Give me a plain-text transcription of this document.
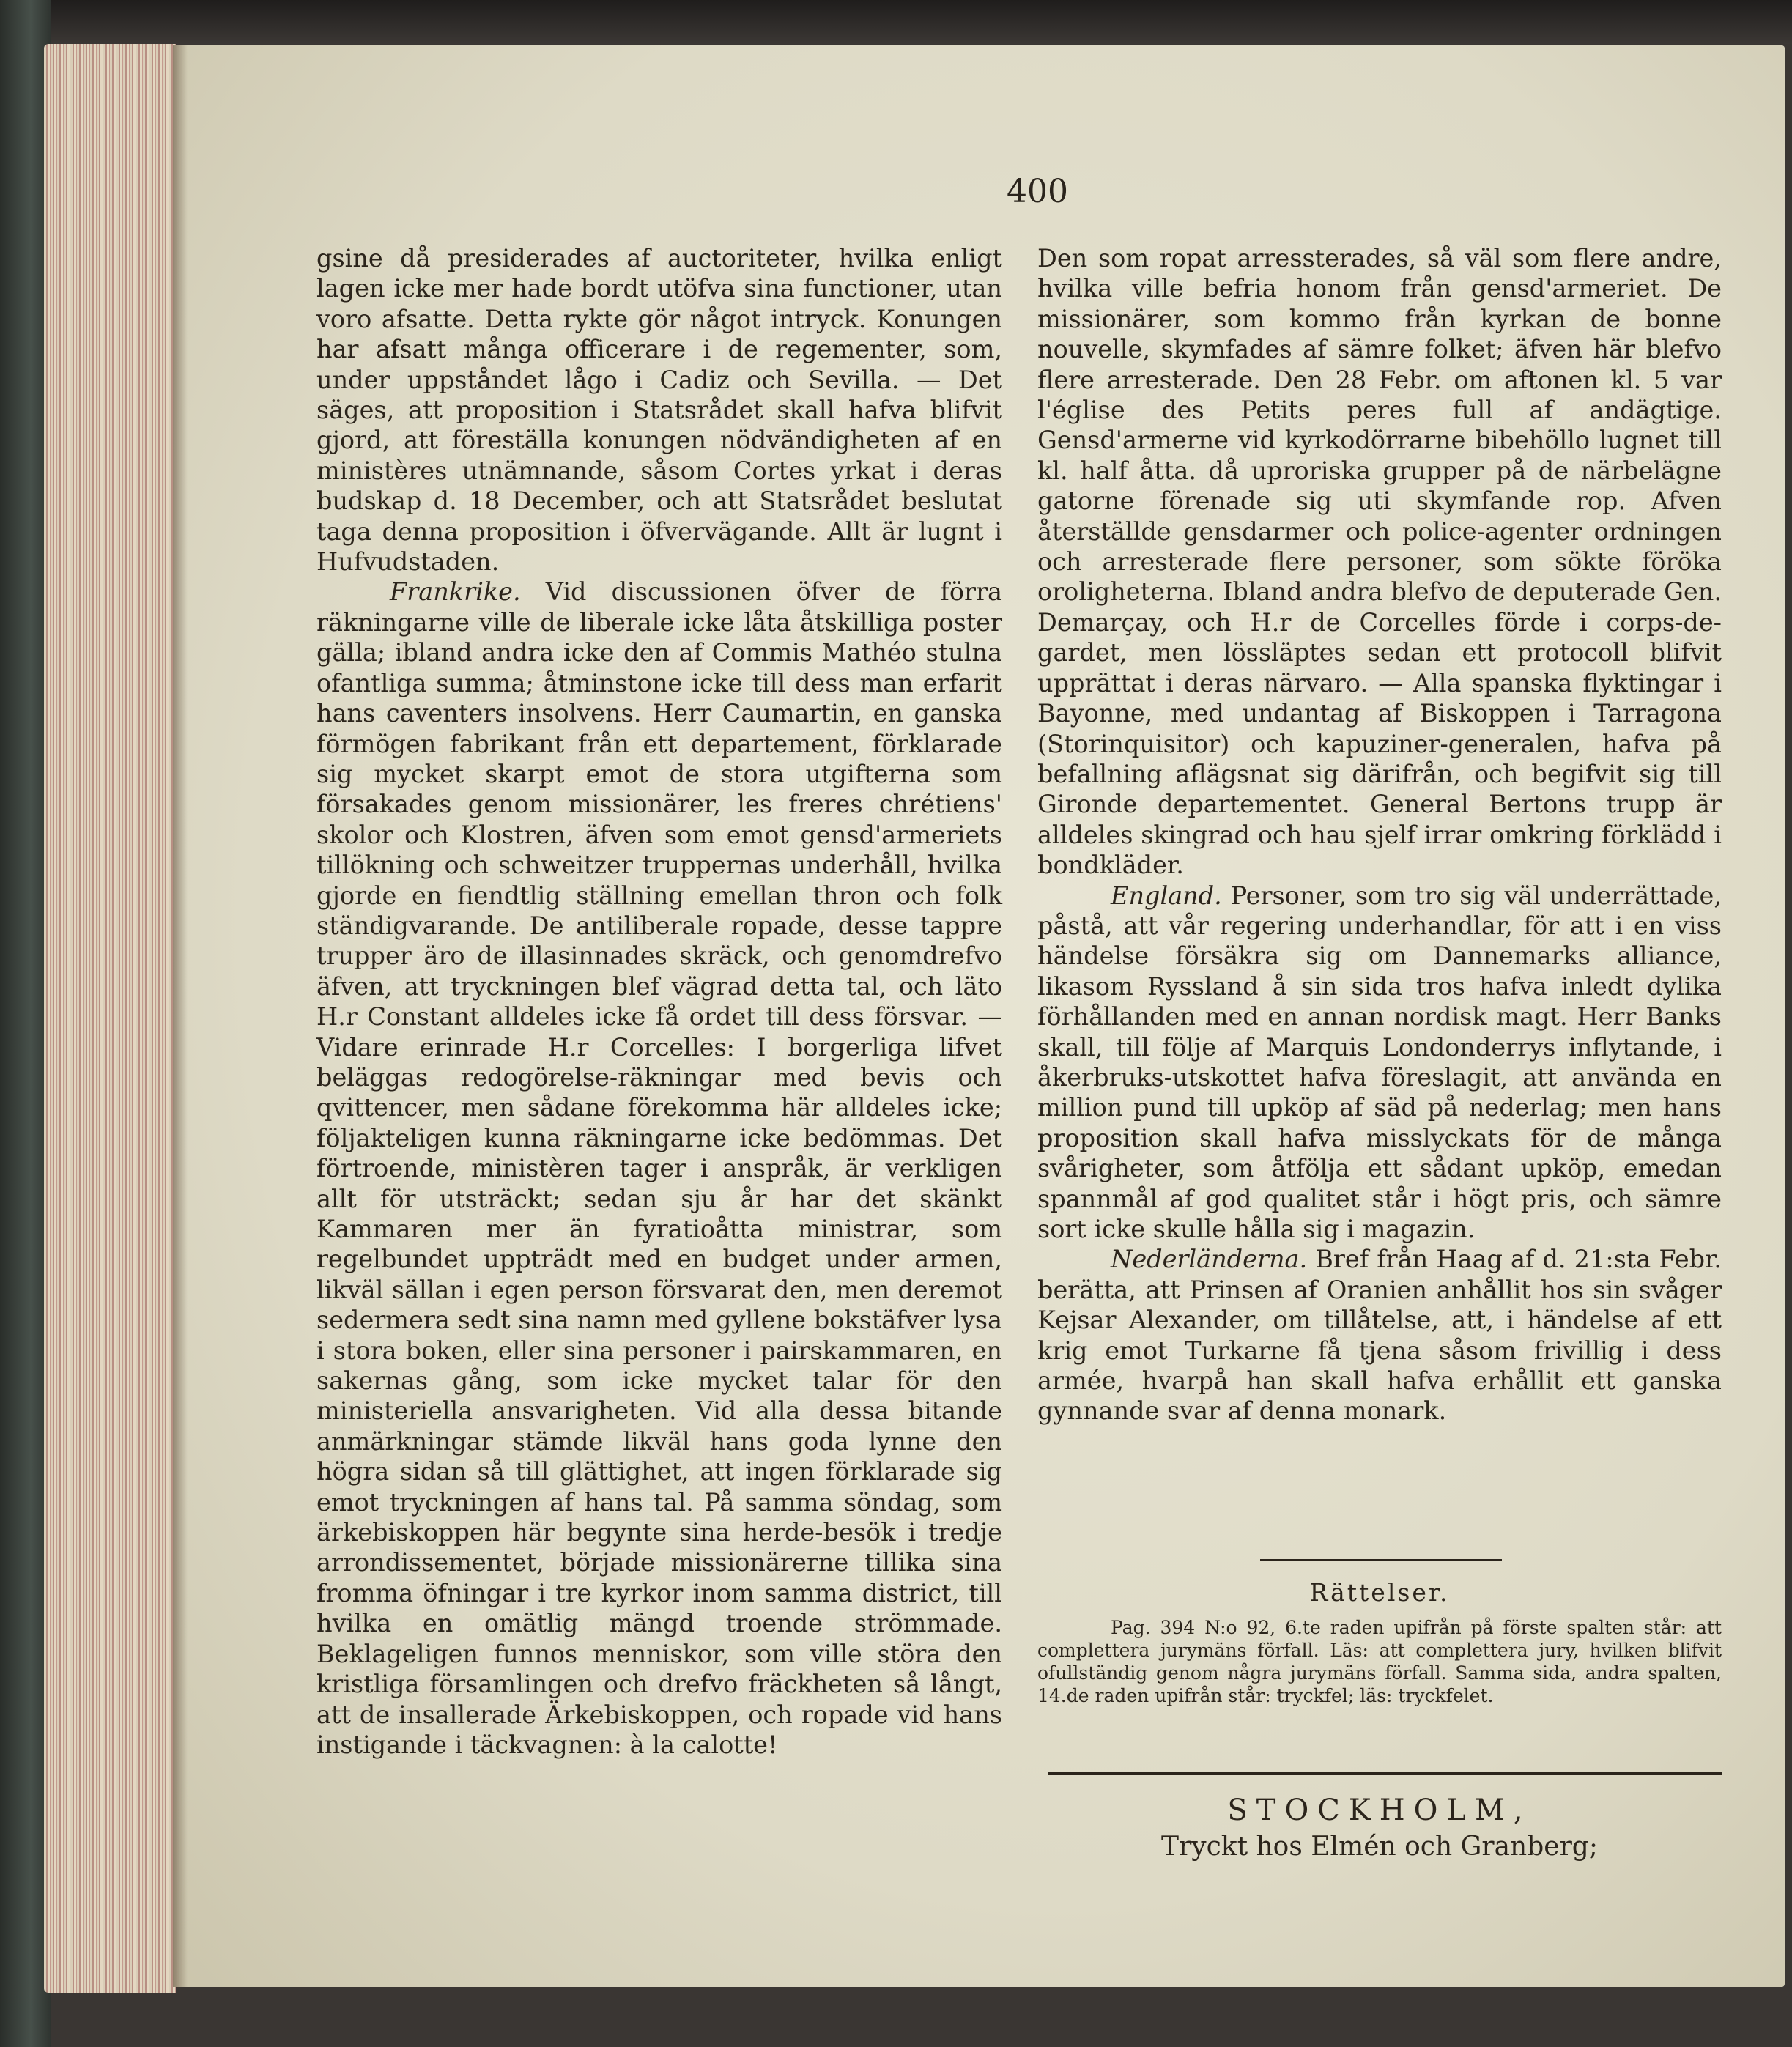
400

gsine då presiderades af auctoriteter, hvilka enligt lagen icke mer hade bordt utöfva sina functioner, utan voro afsatte. Detta rykte gör något intryck. Konungen har afsatt många officerare i de regementer, som, under uppståndet lågo i Cadiz och Sevilla. — Det säges, att proposition i Statsrådet skall hafva blifvit gjord, att föreställa konungen nödvändigheten af en ministères utnämnande, såsom Cortes yrkat i deras budskap d. 18 December, och att Statsrådet beslutat taga denna proposition i öfvervägande. Allt är lugnt i Hufvudstaden.

Frankrike. Vid discussionen öfver de förra räkningarne ville de liberale icke låta åtskilliga poster gälla; ibland andra icke den af Commis Mathéo stulna ofantliga summa; åtminstone icke till dess man erfarit hans caventers insolvens. Herr Caumartin, en ganska förmögen fabrikant från ett departement, förklarade sig mycket skarpt emot de stora utgifterna som försakades genom missionärer, les freres chrétiens' skolor och Klostren, äfven som emot gensd'armeriets tillökning och schweitzer truppernas underhåll, hvilka gjorde en fiendtlig ställning emellan thron och folk ständigvarande. De antiliberale ropade, desse tappre trupper äro de illasinnades skräck, och genomdrefvo äfven, att tryckningen blef vägrad detta tal, och läto H.r Constant alldeles icke få ordet till dess försvar. — Vidare erinrade H.r Corcelles: I borgerliga lifvet beläggas redogörelse-räkningar med bevis och qvittencer, men sådane förekomma här alldeles icke; följakteligen kunna räkningarne icke bedömmas. Det förtroende, ministèren tager i anspråk, är verkligen allt för utsträckt; sedan sju år har det skänkt Kammaren mer än fyratioåtta ministrar, som regelbundet uppträdt med en budget under armen, likväl sällan i egen person försvarat den, men deremot sedermera sedt sina namn med gyllene bokstäfver lysa i stora boken, eller sina personer i pairskammaren, en sakernas gång, som icke mycket talar för den ministeriella ansvarigheten. Vid alla dessa bitande anmärkningar stämde likväl hans goda lynne den högra sidan så till glättighet, att ingen förklarade sig emot tryckningen af hans tal. På samma söndag, som ärkebiskoppen här begynte sina herde-besök i tredje arrondissementet, började missionärerne tillika sina fromma öfningar i tre kyrkor inom samma district, till hvilka en omätlig mängd troende strömmade. Beklageligen funnos menniskor, som ville störa den kristliga församlingen och drefvo fräckheten så långt, att de insallerade Ärkebiskoppen, och ropade vid hans instigande i täckvagnen: à la calotte!

Den som ropat arressterades, så väl som flere andre, hvilka ville befria honom från gensd'armeriet. De missionärer, som kommo från kyrkan de bonne nouvelle, skymfades af sämre folket; äfven här blefvo flere arresterade. Den 28 Febr. om aftonen kl. 5 var l'église des Petits peres full af andägtige. Gensd'armerne vid kyrkodörrarne bibehöllo lugnet till kl. half åtta. då uproriska grupper på de närbelägne gatorne förenade sig uti skymfande rop. Afven återställde gensdarmer och police-agenter ordningen och arresterade flere personer, som sökte föröka oroligheterna. Ibland andra blefvo de deputerade Gen. Demarçay, och H.r de Corcelles förde i corps-de-gardet, men lössläptes sedan ett protocoll blifvit upprättat i deras närvaro. — Alla spanska flyktingar i Bayonne, med undantag af Biskoppen i Tarragona (Storinquisitor) och kapuziner-generalen, hafva på befallning aflägsnat sig därifrån, och begifvit sig till Gironde departementet. General Bertons trupp är alldeles skingrad och hau sjelf irrar omkring förklädd i bondkläder.

England. Personer, som tro sig väl underrättade, påstå, att vår regering underhandlar, för att i en viss händelse försäkra sig om Dannemarks alliance, likasom Ryssland å sin sida tros hafva inledt dylika förhållanden med en annan nordisk magt. Herr Banks skall, till följe af Marquis Londonderrys inflytande, i åkerbruks-utskottet hafva föreslagit, att använda en million pund till upköp af säd på nederlag; men hans proposition skall hafva misslyckats för de många svårigheter, som åtfölja ett sådant upköp, emedan spannmål af god qualitet står i högt pris, och sämre sort icke skulle hålla sig i magazin.

Nederländerna. Bref från Haag af d. 21:sta Febr. berätta, att Prinsen af Oranien anhållit hos sin svåger Kejsar Alexander, om tillåtelse, att, i händelse af ett krig emot Turkarne få tjena såsom frivillig i dess armée, hvarpå han skall hafva erhållit ett ganska gynnande svar af denna monark.

Rättelser.

Pag. 394 N:o 92, 6.te raden upifrån på förste spalten står: att complettera jurymäns förfall. Läs: att complettera jury, hvilken blifvit ofullständig genom några jurymäns förfall. Samma sida, andra spalten, 14.de raden upifrån står: tryckfel; läs: tryckfelet.

STOCKHOLM,
Tryckt hos Elmén och Granberg;
